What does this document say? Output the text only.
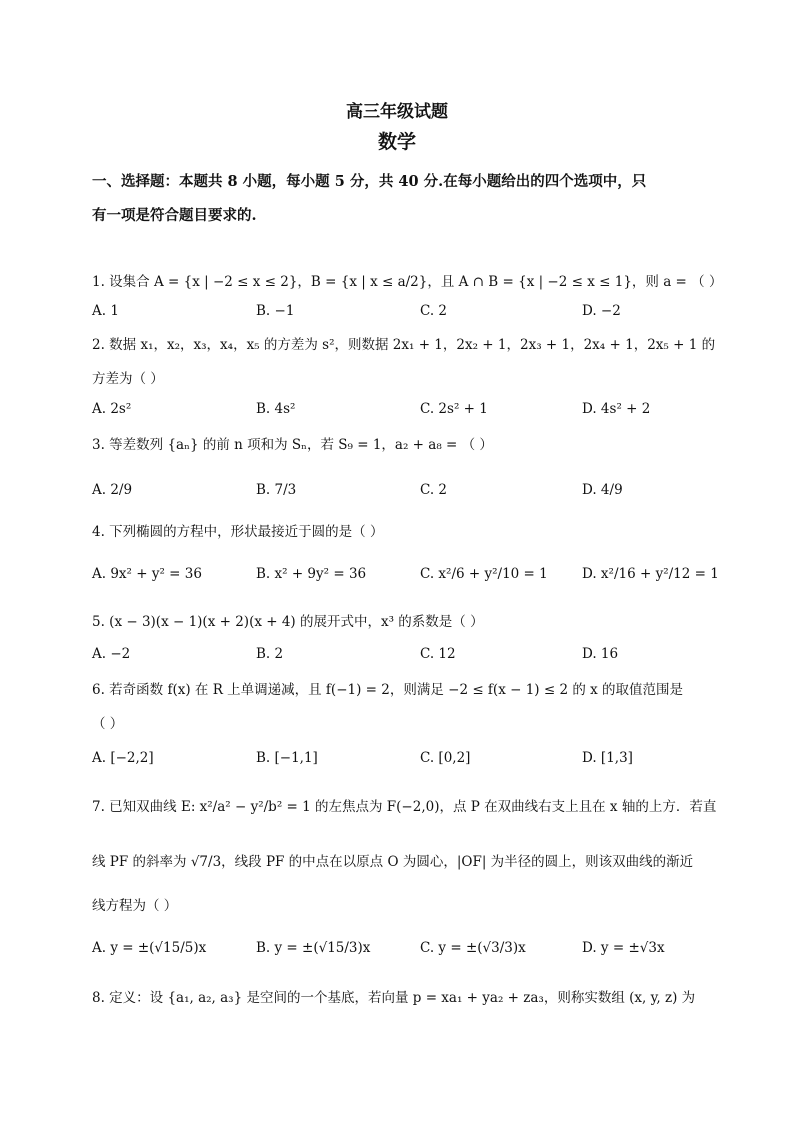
高三年级试题
数学
一、选择题：本题共 8 小题，每小题 5 分，共 40 分.在每小题给出的四个选项中，只
有一项是符合题目要求的.
1. 设集合 A = {x | −2 ≤ x ≤ 2}，B = {x | x ≤ a/2}，且 A ∩ B = {x | −2 ≤ x ≤ 1}，则 a = （ ）
A. 1	B. −1	C. 2	D. −2
2. 数据 x₁，x₂，x₃，x₄，x₅ 的方差为 s²，则数据 2x₁ + 1，2x₂ + 1，2x₃ + 1，2x₄ + 1，2x₅ + 1 的
方差为（ ）
A. 2s²	B. 4s²	C. 2s² + 1	D. 4s² + 2
3. 等差数列 {aₙ} 的前 n 项和为 Sₙ，若 S₉ = 1，a₂ + a₈ = （ ）
A. 2/9	B. 7/3	C. 2	D. 4/9
4. 下列椭圆的方程中，形状最接近于圆的是（ ）
A. 9x² + y² = 36	B. x² + 9y² = 36	C. x²/6 + y²/10 = 1	D. x²/16 + y²/12 = 1
5. (x − 3)(x − 1)(x + 2)(x + 4) 的展开式中，x³ 的系数是（ ）
A. −2	B. 2	C. 12	D. 16
6. 若奇函数 f(x) 在 R 上单调递减，且 f(−1) = 2，则满足 −2 ≤ f(x − 1) ≤ 2 的 x 的取值范围是
（ ）
A. [−2,2]	B. [−1,1]	C. [0,2]	D. [1,3]
7. 已知双曲线 E: x²/a² − y²/b² = 1 的左焦点为 F(−2,0)，点 P 在双曲线右支上且在 x 轴的上方．若直
线 PF 的斜率为 √7/3，线段 PF 的中点在以原点 O 为圆心，|OF| 为半径的圆上，则该双曲线的渐近
线方程为（ ）
A. y = ±(√15/5)x	B. y = ±(√15/3)x	C. y = ±(√3/3)x	D. y = ±√3x
8. 定义：设 {a₁, a₂, a₃} 是空间的一个基底，若向量 p = xa₁ + ya₂ + za₃，则称实数组 (x, y, z) 为
